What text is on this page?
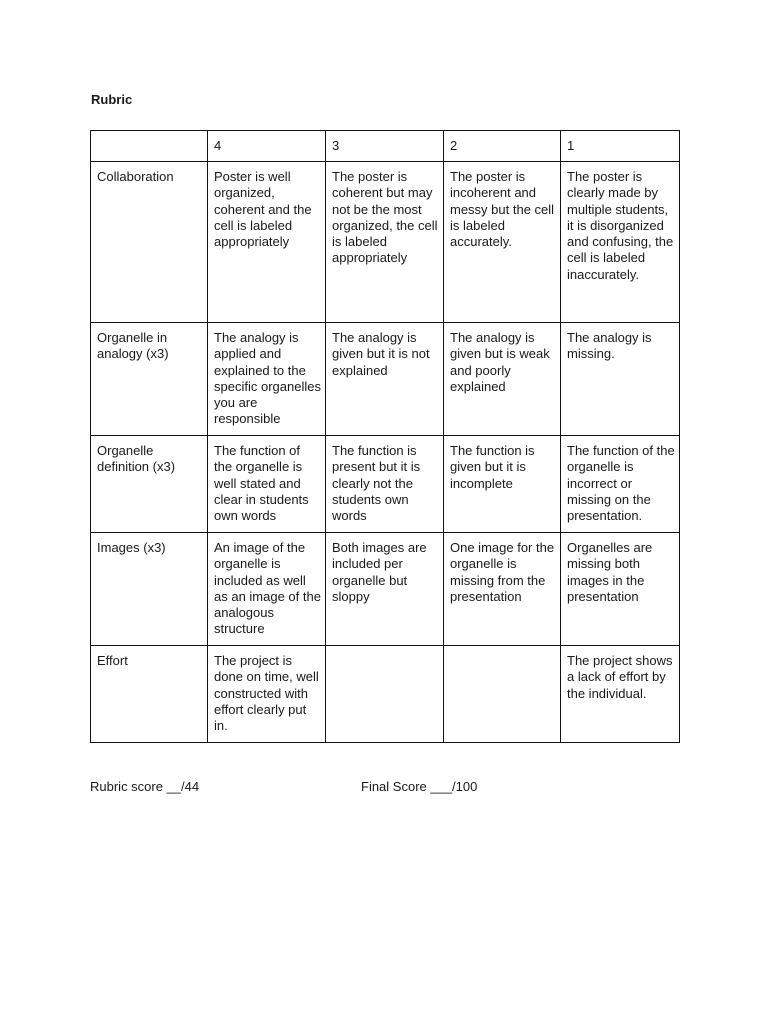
Rubric
	4	3	2	1
Collaboration	Poster is well organized, coherent and the cell is labeled appropriately	The poster is coherent but may not be the most organized, the cell is labeled appropriately	The poster is incoherent and messy but the cell is labeled accurately.	The poster is clearly made by multiple students, it is disorganized and confusing, the cell is labeled inaccurately.
Organelle in analogy (x3)	The analogy is applied and explained to the specific organelles you are responsible	The analogy is given but it is not explained	The analogy is given but is weak and poorly explained	The analogy is missing.
Organelle definition (x3)	The function of the organelle is well stated and clear in students own words	The function is present but it is clearly not the students own words	The function is given but it is incomplete	The function of the organelle is incorrect or missing on the presentation.
Images (x3)	An image of the organelle is included as well as an image of the analogous structure	Both images are included per organelle but sloppy	One image for the organelle is missing from the presentation	Organelles are missing both images in the presentation
Effort	The project is done on time, well constructed with effort clearly put in.			The project shows a lack of effort by the individual.
Rubric score __/44	Final Score ___/100
